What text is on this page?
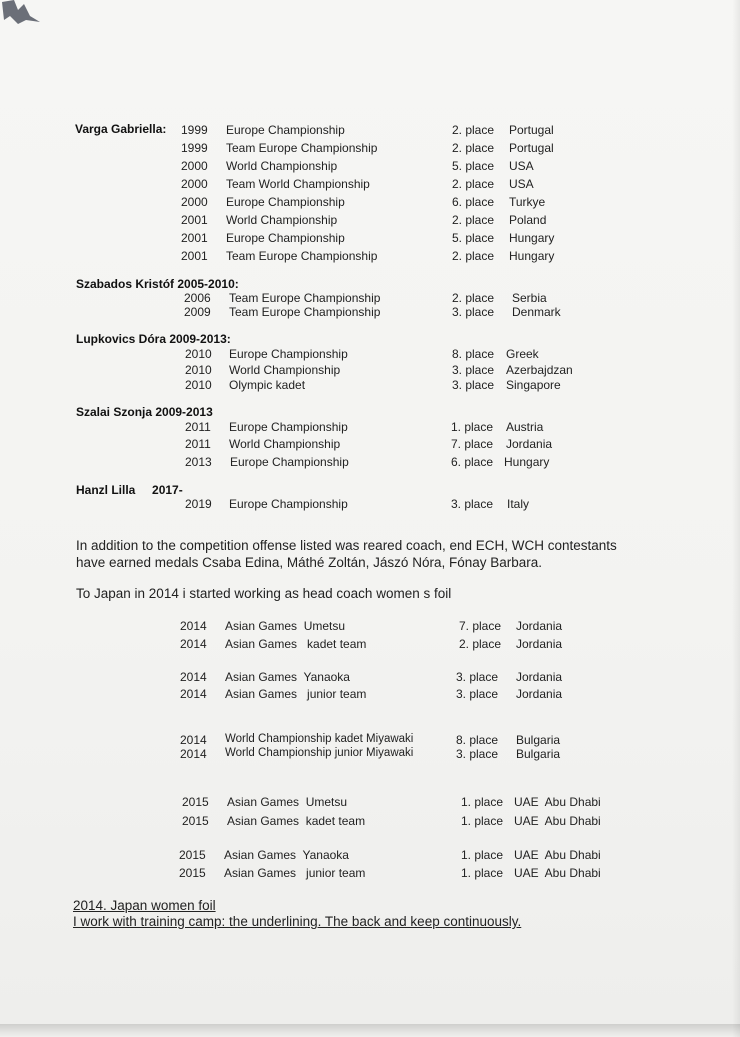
Varga Gabriella: 1999 Europe Championship	2. place Portugal
1999 Team Europe Championship	2. place Portugal
2000 World Championship	5. place USA
2000 Team World Championship	2. place USA
2000 Europe Championship	6. place Turkye
2001 World Championship	2. place Poland
2001 Europe Championship	5. place Hungary
2001 Team Europe Championship	2. place Hungary
Szabados Kristóf 2005-2010:
2006 Team Europe Championship	2. place Serbia
2009 Team Europe Championship	3. place Denmark
Lupkovics Dóra 2009-2013:
2010 Europe Championship	8. place Greek
2010 World Championship	3. place Azerbajdzan
2010 Olympic kadet	3. place Singapore
Szalai Szonja 2009-2013
2011 Europe Championship	1. place Austria
2011 World Championship	7. place Jordania
2013 Europe Championship	6. place Hungary
Hanzl Lilla     2017-
2019 Europe Championship	3. place Italy
In addition to the competition offense listed was reared coach, end ECH, WCH contestants have earned medals Csaba Edina, Máthé Zoltán, Jászó Nóra, Fónay Barbara.
To Japan in 2014 i started working as head coach women s foil
2014 Asian Games  Umetsu	7. place Jordania
2014 Asian Games   kadet team	2. place Jordania
2014 Asian Games  Yanaoka	3. place Jordania
2014 Asian Games   junior team	3. place Jordania
2014 World Championship kadet Miyawaki	8. place Bulgaria
2014 World Championship junior Miyawaki	3. place Bulgaria
2015 Asian Games  Umetsu	1. place UAE  Abu Dhabi
2015 Asian Games  kadet team	1. place UAE  Abu Dhabi
2015 Asian Games  Yanaoka	1. place UAE  Abu Dhabi
2015 Asian Games   junior team	1. place UAE  Abu Dhabi
2014. Japan women foil
I work with training camp: the underlining. The back and keep continuously.
